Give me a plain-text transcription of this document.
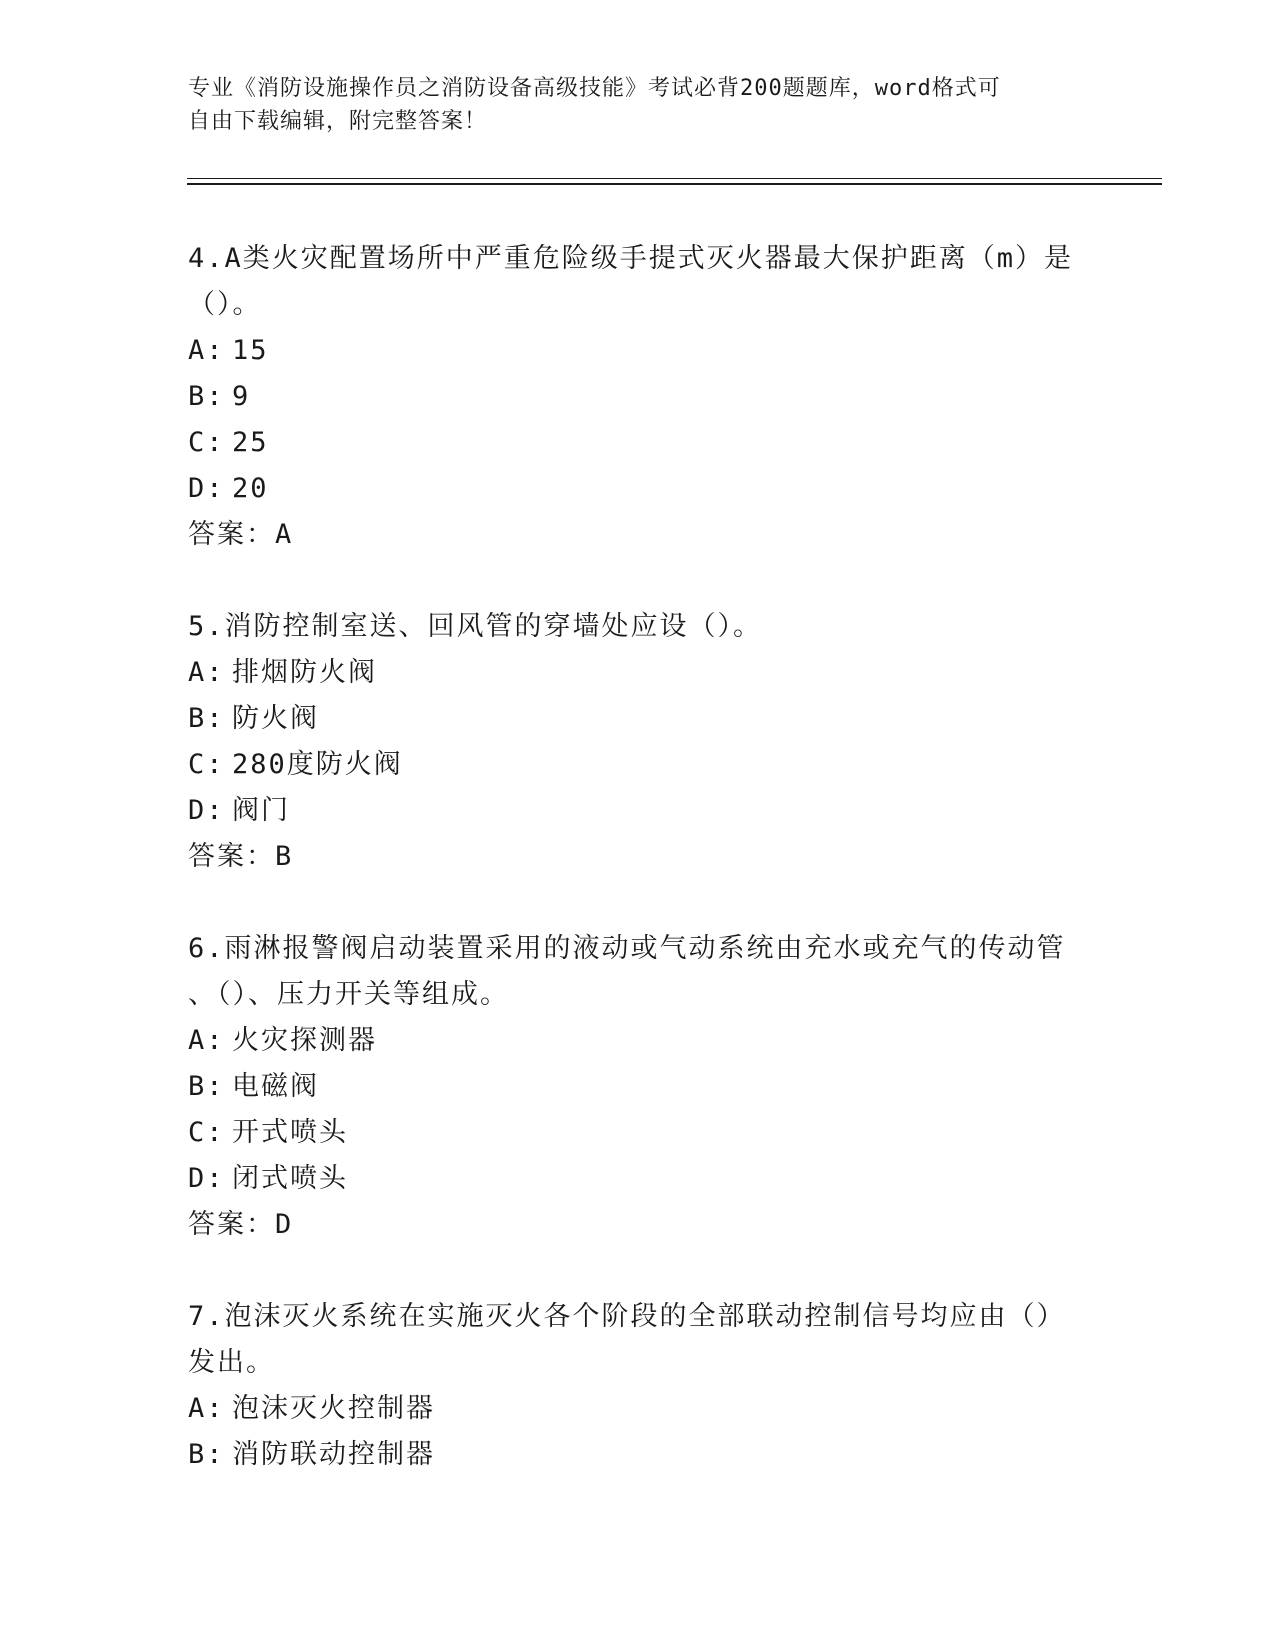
专业《消防设施操作员之消防设备高级技能》考试必背200题题库，word格式可
自由下载编辑，附完整答案！
4.A类火灾配置场所中严重危险级手提式灭火器最大保护距离（m）是
（）。
A: 15
B: 9
C: 25
D: 20
答案：A
5.消防控制室送、回风管的穿墙处应设（）。
A: 排烟防火阀
B: 防火阀
C: 280度防火阀
D: 阀门
答案：B
6.雨淋报警阀启动装置采用的液动或气动系统由充水或充气的传动管
、（）、压力开关等组成。
A: 火灾探测器
B: 电磁阀
C: 开式喷头
D: 闭式喷头
答案：D
7.泡沫灭火系统在实施灭火各个阶段的全部联动控制信号均应由（）
发出。
A: 泡沫灭火控制器
B: 消防联动控制器
